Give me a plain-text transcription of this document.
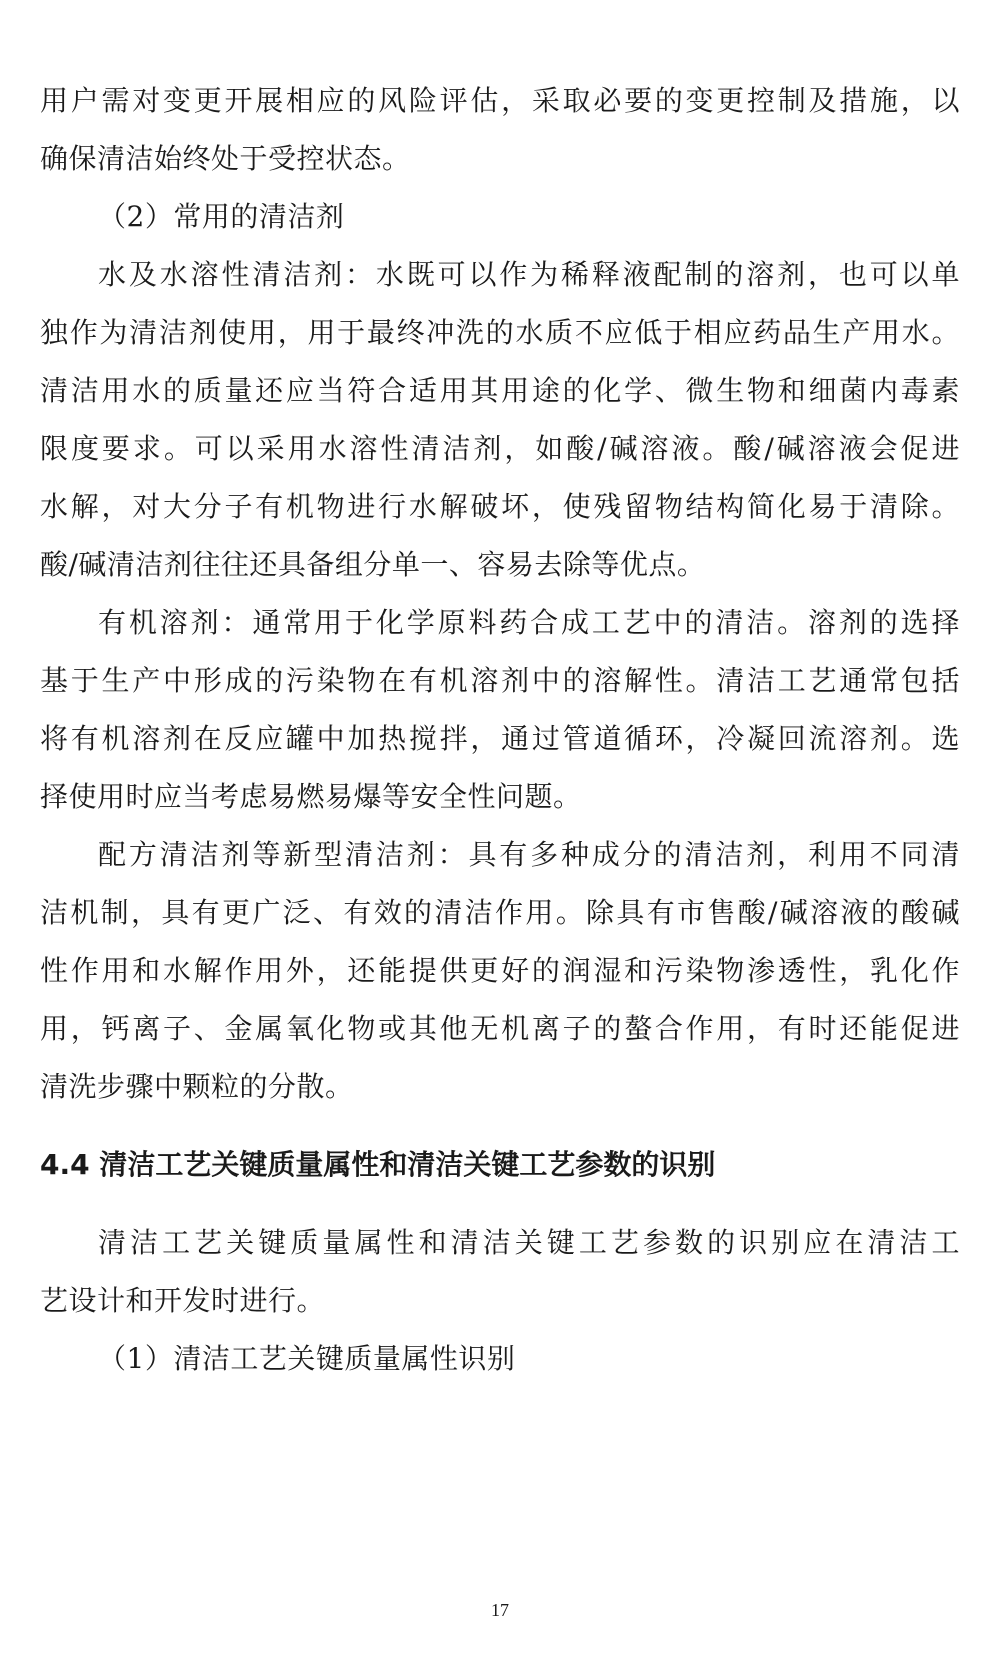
用户需对变更开展相应的风险评估，采取必要的变更控制及措施，以
确保清洁始终处于受控状态。
（2）常用的清洁剂
水及水溶性清洁剂：水既可以作为稀释液配制的溶剂，也可以单
独作为清洁剂使用，用于最终冲洗的水质不应低于相应药品生产用水。
清洁用水的质量还应当符合适用其用途的化学、微生物和细菌内毒素
限度要求。可以采用水溶性清洁剂，如酸/碱溶液。酸/碱溶液会促进
水解，对大分子有机物进行水解破坏，使残留物结构简化易于清除。
酸/碱清洁剂往往还具备组分单一、容易去除等优点。
有机溶剂：通常用于化学原料药合成工艺中的清洁。溶剂的选择
基于生产中形成的污染物在有机溶剂中的溶解性。清洁工艺通常包括
将有机溶剂在反应罐中加热搅拌，通过管道循环，冷凝回流溶剂。选
择使用时应当考虑易燃易爆等安全性问题。
配方清洁剂等新型清洁剂：具有多种成分的清洁剂，利用不同清
洁机制，具有更广泛、有效的清洁作用。除具有市售酸/碱溶液的酸碱
性作用和水解作用外，还能提供更好的润湿和污染物渗透性，乳化作
用，钙离子、金属氧化物或其他无机离子的螯合作用，有时还能促进
清洗步骤中颗粒的分散。
4.4 清洁工艺关键质量属性和清洁关键工艺参数的识别
清洁工艺关键质量属性和清洁关键工艺参数的识别应在清洁工
艺设计和开发时进行。
（1）清洁工艺关键质量属性识别
17
